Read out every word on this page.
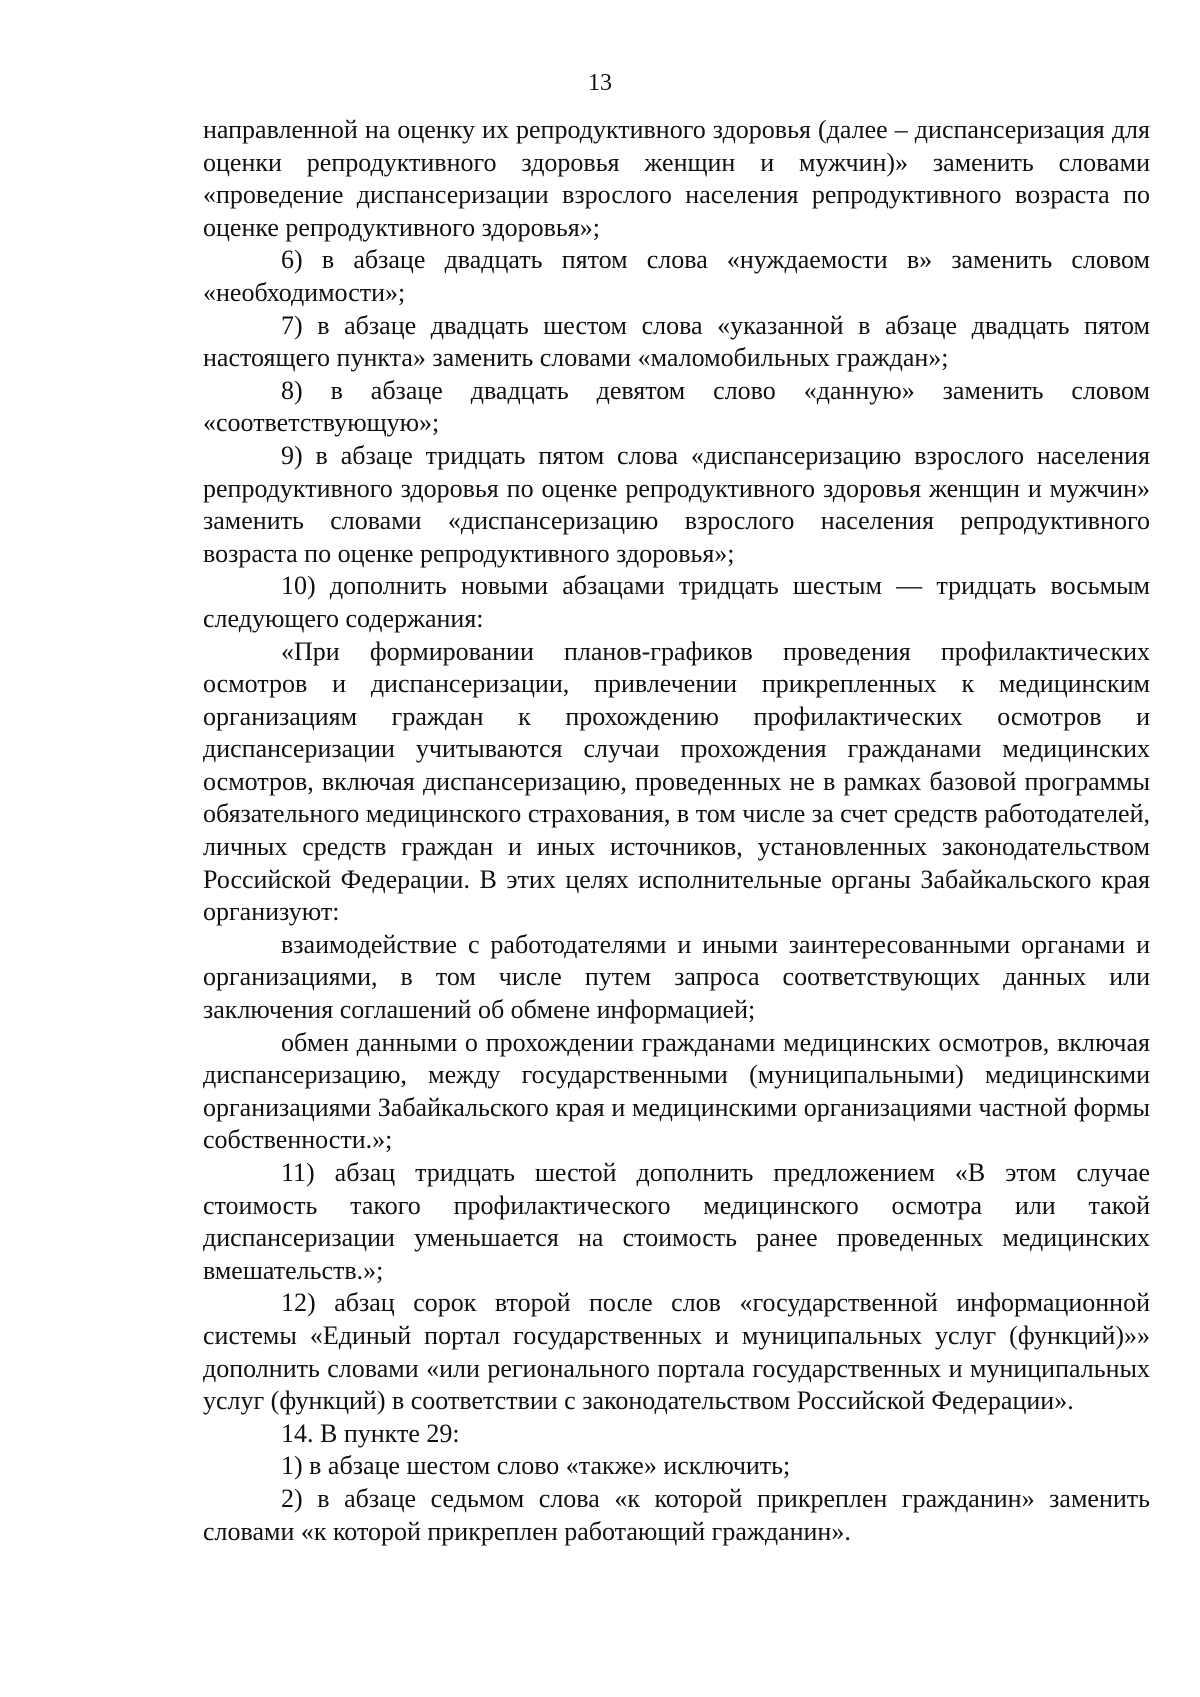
13

направленной на оценку их репродуктивного здоровья (далее – диспансеризация для оценки репродуктивного здоровья женщин и мужчин)» заменить словами «проведение диспансеризации взрослого населения репродуктивного возраста по оценке репродуктивного здоровья»;

6) в абзаце двадцать пятом слова «нуждаемости в» заменить словом «необходимости»;

7) в абзаце двадцать шестом слова «указанной в абзаце двадцать пятом настоящего пункта» заменить словами «маломобильных граждан»;

8) в абзаце двадцать девятом слово «данную» заменить словом «соответствующую»;

9) в абзаце тридцать пятом слова «диспансеризацию взрослого населения репродуктивного здоровья по оценке репродуктивного здоровья женщин и мужчин» заменить словами «диспансеризацию взрослого населения репродуктивного возраста по оценке репродуктивного здоровья»;

10) дополнить новыми абзацами тридцать шестым — тридцать восьмым следующего содержания:

«При формировании планов-графиков проведения профилактических осмотров и диспансеризации, привлечении прикрепленных к медицинским организациям граждан к прохождению профилактических осмотров и диспансеризации учитываются случаи прохождения гражданами медицинских осмотров, включая диспансеризацию, проведенных не в рамках базовой программы обязательного медицинского страхования, в том числе за счет средств работодателей, личных средств граждан и иных источников, установленных законодательством Российской Федерации. В этих целях исполнительные органы Забайкальского края организуют:

взаимодействие с работодателями и иными заинтересованными органами и организациями, в том числе путем запроса соответствующих данных или заключения соглашений об обмене информацией;

обмен данными о прохождении гражданами медицинских осмотров, включая диспансеризацию, между государственными (муниципальными) медицинскими организациями Забайкальского края и медицинскими организациями частной формы собственности.»;

11) абзац тридцать шестой дополнить предложением «В этом случае стоимость такого профилактического медицинского осмотра или такой диспансеризации уменьшается на стоимость ранее проведенных медицинских вмешательств.»;

12) абзац сорок второй после слов «государственной информационной системы «Единый портал государственных и муниципальных услуг (функций)»» дополнить словами «или регионального портала государственных и муниципальных услуг (функций) в соответствии с законодательством Российской Федерации».

14. В пункте 29:

1) в абзаце шестом слово «также» исключить;

2) в абзаце седьмом слова «к которой прикреплен гражданин» заменить словами «к которой прикреплен работающий гражданин».
